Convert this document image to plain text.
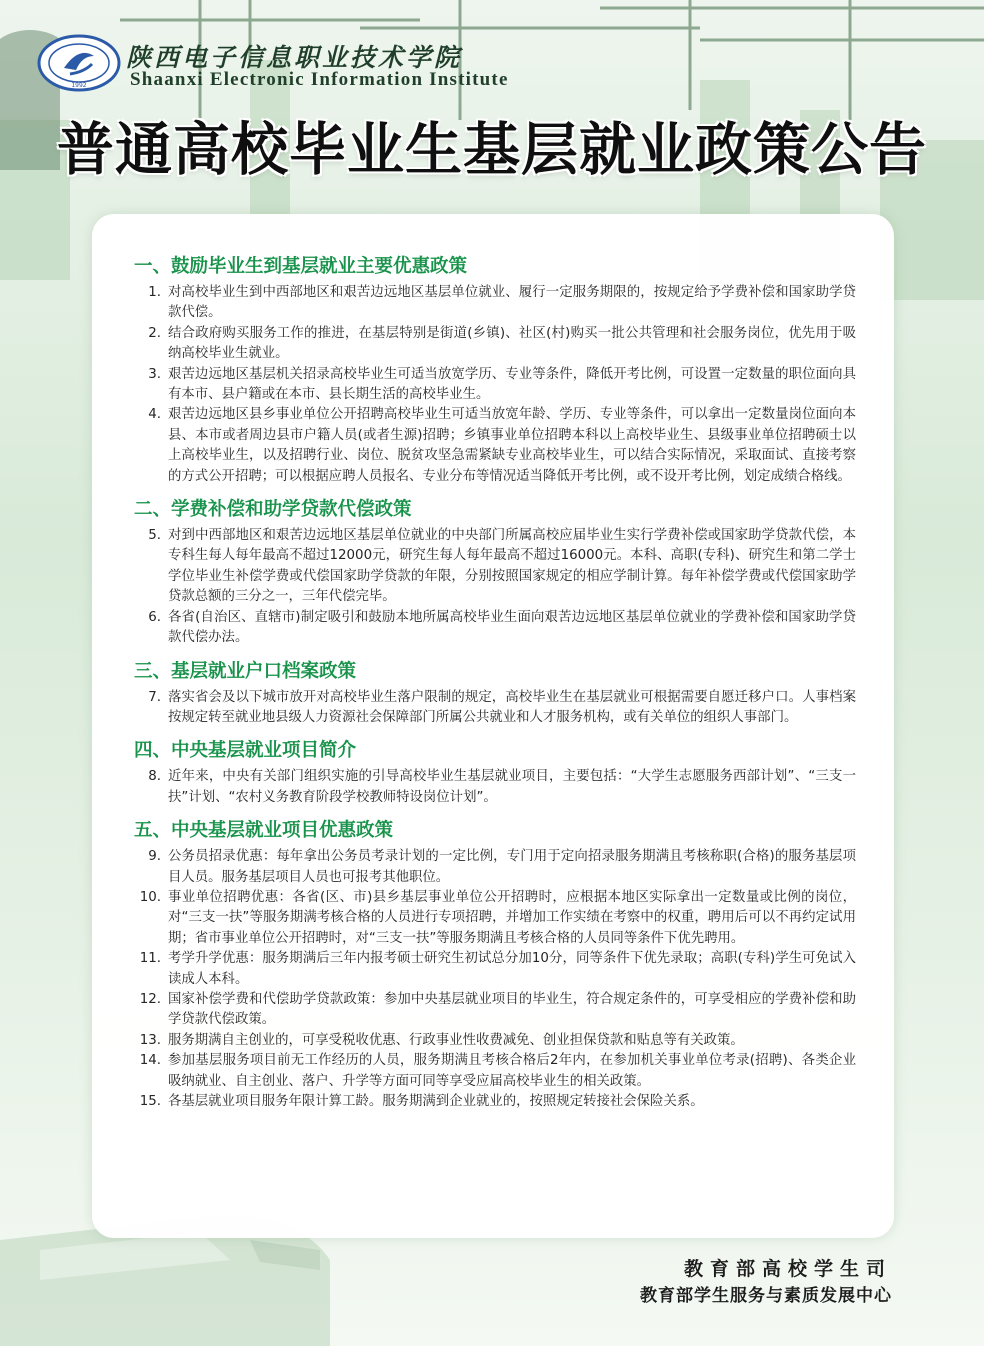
1992
陕西电子信息职业技术学院
Shaanxi Electronic Information Institute
普通高校毕业生基层就业政策公告
一、鼓励毕业生到基层就业主要优惠政策
1. 对高校毕业生到中西部地区和艰苦边远地区基层单位就业、履行一定服务期限的，按规定给予学费补偿和国家助学贷款代偿。
2. 结合政府购买服务工作的推进，在基层特别是街道(乡镇)、社区(村)购买一批公共管理和社会服务岗位，优先用于吸纳高校毕业生就业。
3. 艰苦边远地区基层机关招录高校毕业生可适当放宽学历、专业等条件，降低开考比例，可设置一定数量的职位面向具有本市、县户籍或在本市、县长期生活的高校毕业生。
4. 艰苦边远地区县乡事业单位公开招聘高校毕业生可适当放宽年龄、学历、专业等条件，可以拿出一定数量岗位面向本县、本市或者周边县市户籍人员(或者生源)招聘；乡镇事业单位招聘本科以上高校毕业生、县级事业单位招聘硕士以上高校毕业生，以及招聘行业、岗位、脱贫攻坚急需紧缺专业高校毕业生，可以结合实际情况，采取面试、直接考察的方式公开招聘；可以根据应聘人员报名、专业分布等情况适当降低开考比例，或不设开考比例，划定成绩合格线。
二、学费补偿和助学贷款代偿政策
5. 对到中西部地区和艰苦边远地区基层单位就业的中央部门所属高校应届毕业生实行学费补偿或国家助学贷款代偿，本专科生每人每年最高不超过12000元，研究生每人每年最高不超过16000元。本科、高职(专科)、研究生和第二学士学位毕业生补偿学费或代偿国家助学贷款的年限，分别按照国家规定的相应学制计算。每年补偿学费或代偿国家助学贷款总额的三分之一，三年代偿完毕。
6. 各省(自治区、直辖市)制定吸引和鼓励本地所属高校毕业生面向艰苦边远地区基层单位就业的学费补偿和国家助学贷款代偿办法。
三、基层就业户口档案政策
7. 落实省会及以下城市放开对高校毕业生落户限制的规定，高校毕业生在基层就业可根据需要自愿迁移户口。人事档案按规定转至就业地县级人力资源社会保障部门所属公共就业和人才服务机构，或有关单位的组织人事部门。
四、中央基层就业项目简介
8. 近年来，中央有关部门组织实施的引导高校毕业生基层就业项目，主要包括：“大学生志愿服务西部计划”、“三支一扶”计划、“农村义务教育阶段学校教师特设岗位计划”。
五、中央基层就业项目优惠政策
9. 公务员招录优惠：每年拿出公务员考录计划的一定比例，专门用于定向招录服务期满且考核称职(合格)的服务基层项目人员。服务基层项目人员也可报考其他职位。
10. 事业单位招聘优惠：各省(区、市)县乡基层事业单位公开招聘时，应根据本地区实际拿出一定数量或比例的岗位，对“三支一扶”等服务期满考核合格的人员进行专项招聘，并增加工作实绩在考察中的权重，聘用后可以不再约定试用期；省市事业单位公开招聘时，对“三支一扶”等服务期满且考核合格的人员同等条件下优先聘用。
11. 考学升学优惠：服务期满后三年内报考硕士研究生初试总分加10分，同等条件下优先录取；高职(专科)学生可免试入读成人本科。
12. 国家补偿学费和代偿助学贷款政策：参加中央基层就业项目的毕业生，符合规定条件的，可享受相应的学费补偿和助学贷款代偿政策。
13. 服务期满自主创业的，可享受税收优惠、行政事业性收费减免、创业担保贷款和贴息等有关政策。
14. 参加基层服务项目前无工作经历的人员，服务期满且考核合格后2年内，在参加机关事业单位考录(招聘)、各类企业吸纳就业、自主创业、落户、升学等方面可同等享受应届高校毕业生的相关政策。
15. 各基层就业项目服务年限计算工龄。服务期满到企业就业的，按照规定转接社会保险关系。
教育部高校学生司
教育部学生服务与素质发展中心
